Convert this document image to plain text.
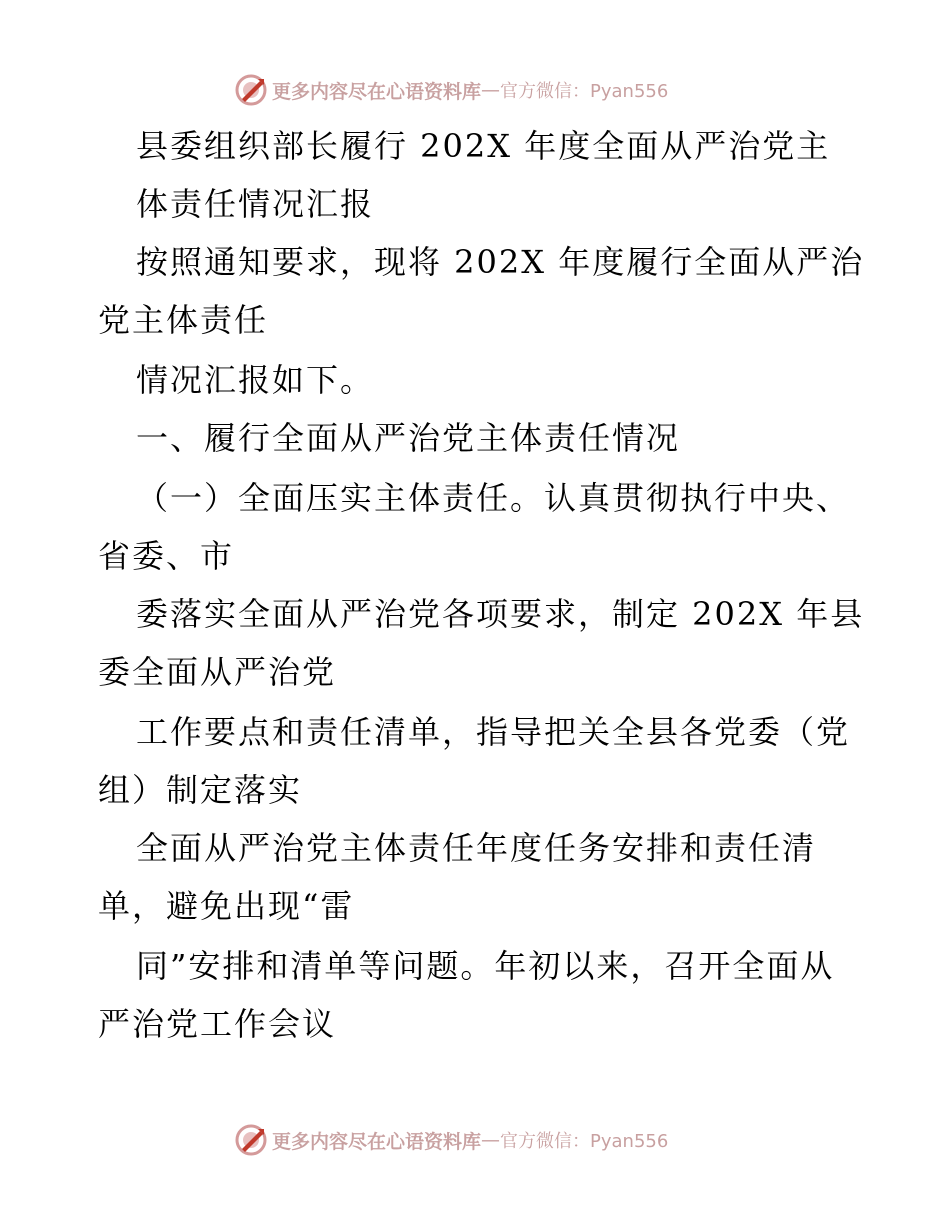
更多内容尽在心语资料库 — 官方微信：Pyan556
县委组织部长履行 202X 年度全面从严治党主
体责任情况汇报
按照通知要求，现将 202X 年度履行全面从严治
党主体责任
情况汇报如下。
一、履行全面从严治党主体责任情况
（一）全面压实主体责任。认真贯彻执行中央、
省委、市
委落实全面从严治党各项要求，制定 202X 年县
委全面从严治党
工作要点和责任清单，指导把关全县各党委（党
组）制定落实
全面从严治党主体责任年度任务安排和责任清
单，避免出现“雷
同”安排和清单等问题。年初以来，召开全面从
严治党工作会议
更多内容尽在心语资料库 — 官方微信：Pyan556
